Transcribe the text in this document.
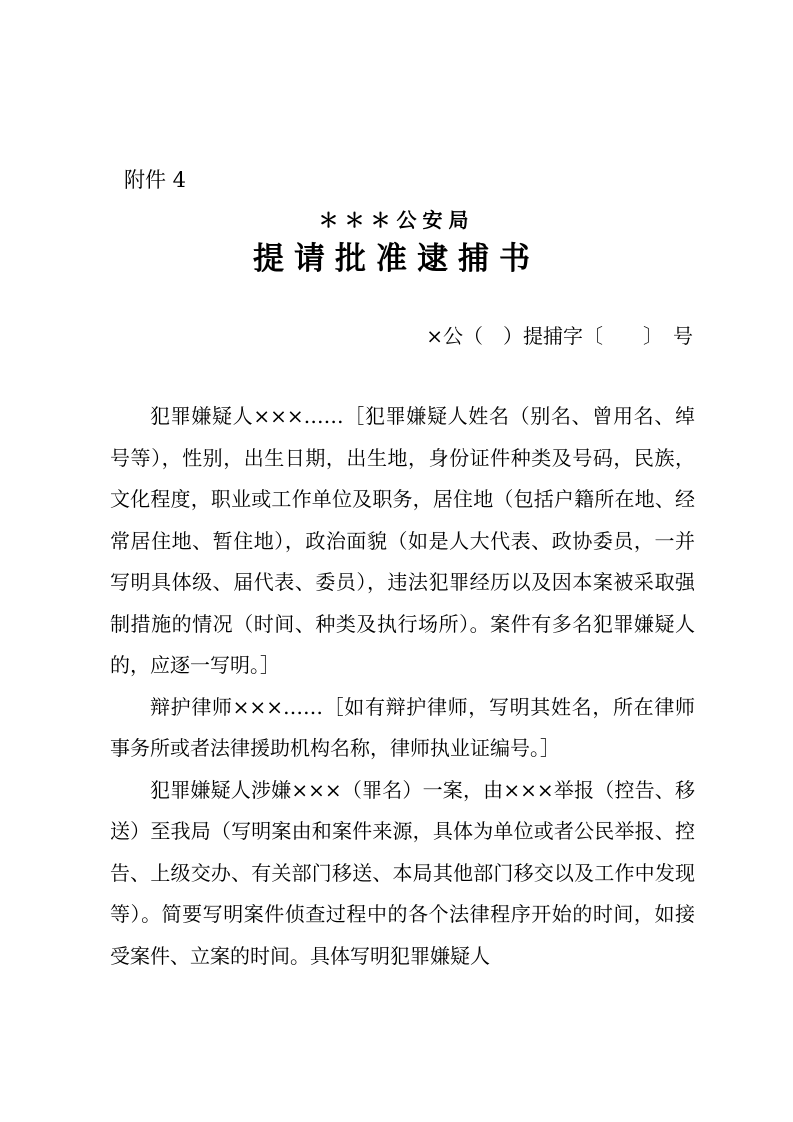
附件 4
＊＊＊公安局
提请批准逮捕书
×公（　）提捕字〔　　〕　号

犯罪嫌疑人×××……［犯罪嫌疑人姓名（别名、曾用名、绰号等），性别，出生日期，出生地，身份证件种类及号码，民族，文化程度，职业或工作单位及职务，居住地（包括户籍所在地、经常居住地、暂住地），政治面貌（如是人大代表、政协委员，一并写明具体级、届代表、委员），违法犯罪经历以及因本案被采取强制措施的情况（时间、种类及执行场所）。案件有多名犯罪嫌疑人的，应逐一写明。］

辩护律师×××……［如有辩护律师，写明其姓名，所在律师事务所或者法律援助机构名称，律师执业证编号。］

犯罪嫌疑人涉嫌×××（罪名）一案，由×××举报（控告、移送）至我局（写明案由和案件来源，具体为单位或者公民举报、控告、上级交办、有关部门移送、本局其他部门移交以及工作中发现等）。简要写明案件侦查过程中的各个法律程序开始的时间，如接受案件、立案的时间。具体写明犯罪嫌疑人
